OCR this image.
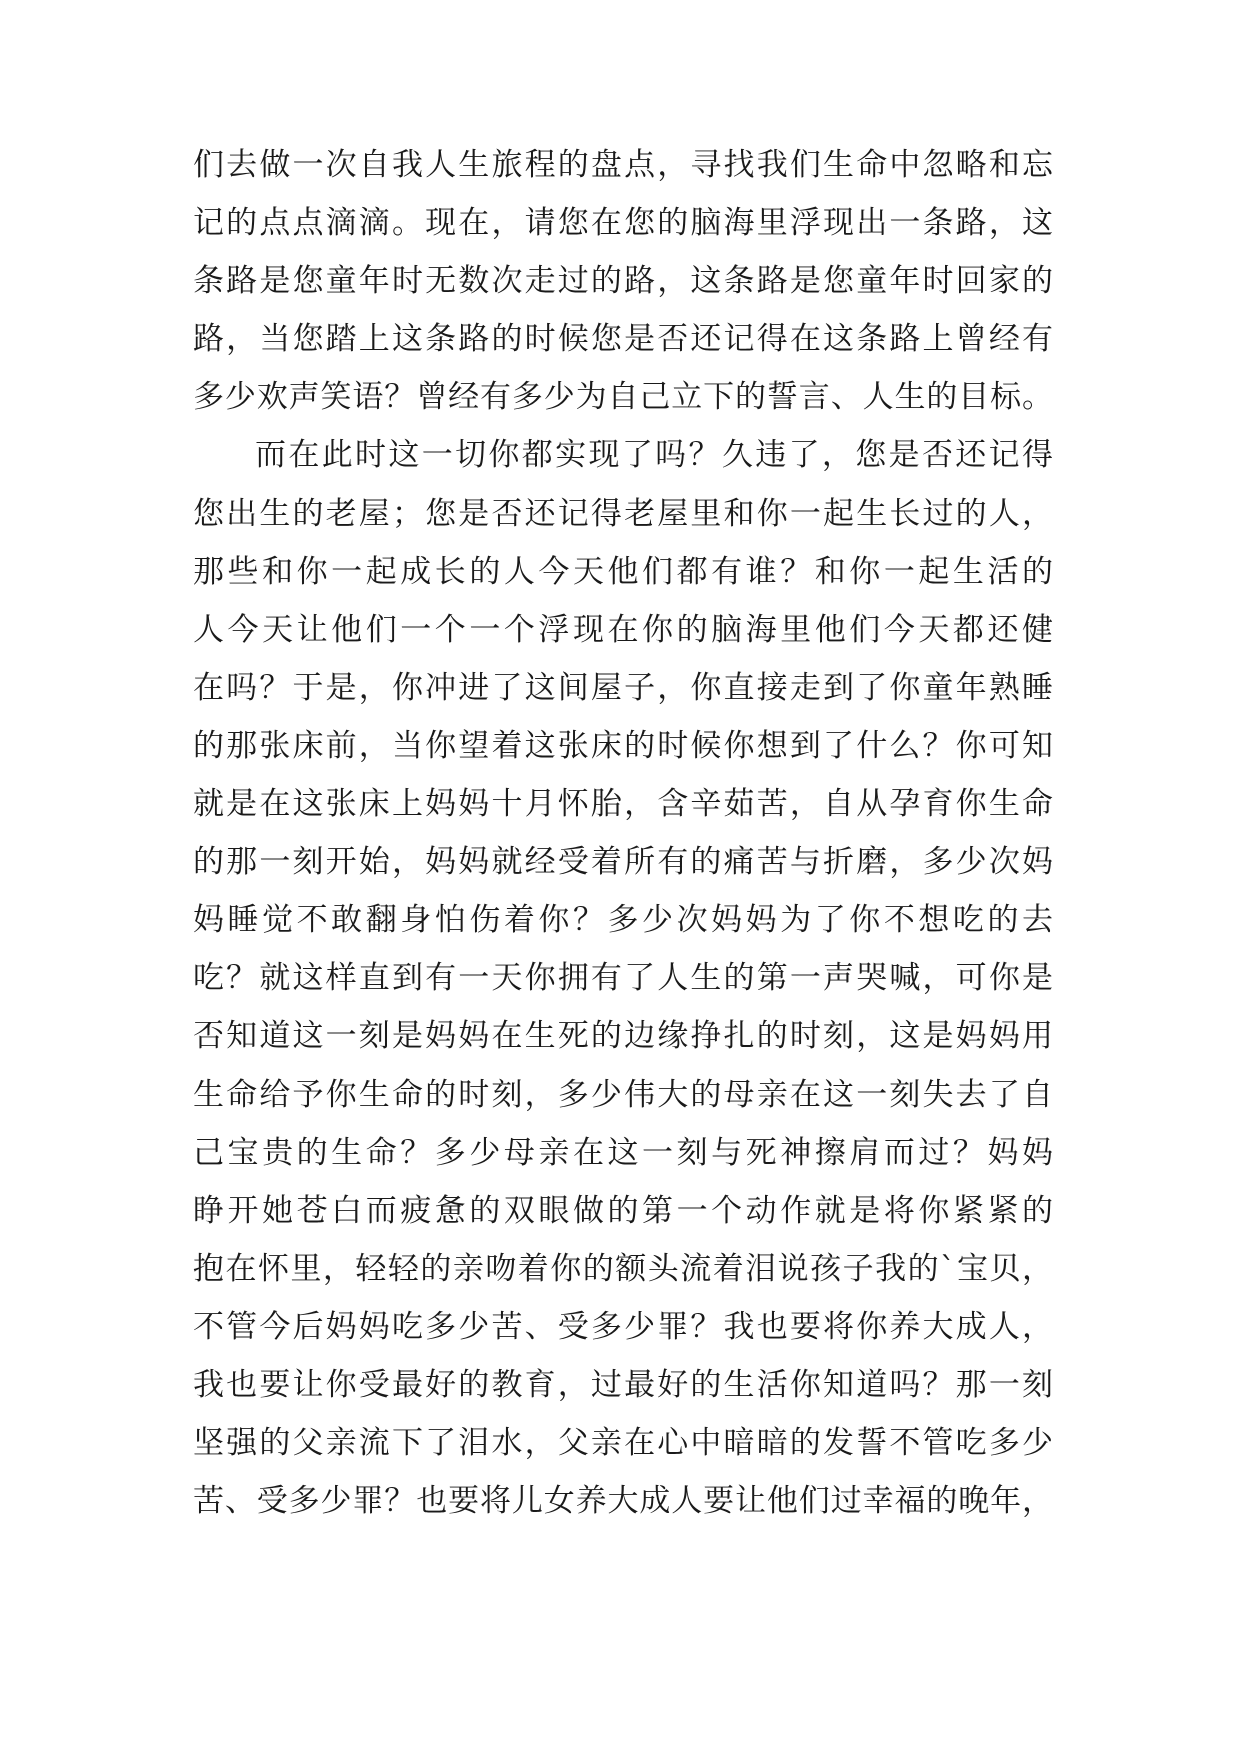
们去做一次自我人生旅程的盘点，寻找我们生命中忽略和忘
记的点点滴滴。现在，请您在您的脑海里浮现出一条路，这
条路是您童年时无数次走过的路，这条路是您童年时回家的
路，当您踏上这条路的时候您是否还记得在这条路上曾经有
多少欢声笑语？曾经有多少为自己立下的誓言、人生的目标。
而在此时这一切你都实现了吗？久违了，您是否还记得
您出生的老屋；您是否还记得老屋里和你一起生长过的人，
那些和你一起成长的人今天他们都有谁？和你一起生活的
人今天让他们一个一个浮现在你的脑海里他们今天都还健
在吗？于是，你冲进了这间屋子，你直接走到了你童年熟睡
的那张床前，当你望着这张床的时候你想到了什么？你可知
就是在这张床上妈妈十月怀胎，含辛茹苦，自从孕育你生命
的那一刻开始，妈妈就经受着所有的痛苦与折磨，多少次妈
妈睡觉不敢翻身怕伤着你？多少次妈妈为了你不想吃的去
吃？就这样直到有一天你拥有了人生的第一声哭喊，可你是
否知道这一刻是妈妈在生死的边缘挣扎的时刻，这是妈妈用
生命给予你生命的时刻，多少伟大的母亲在这一刻失去了自
己宝贵的生命？多少母亲在这一刻与死神擦肩而过？妈妈
睁开她苍白而疲惫的双眼做的第一个动作就是将你紧紧的
抱在怀里，轻轻的亲吻着你的额头流着泪说孩子我的`宝贝，
不管今后妈妈吃多少苦、受多少罪？我也要将你养大成人，
我也要让你受最好的教育，过最好的生活你知道吗？那一刻
坚强的父亲流下了泪水，父亲在心中暗暗的发誓不管吃多少
苦、受多少罪？也要将儿女养大成人要让他们过幸福的晚年，
